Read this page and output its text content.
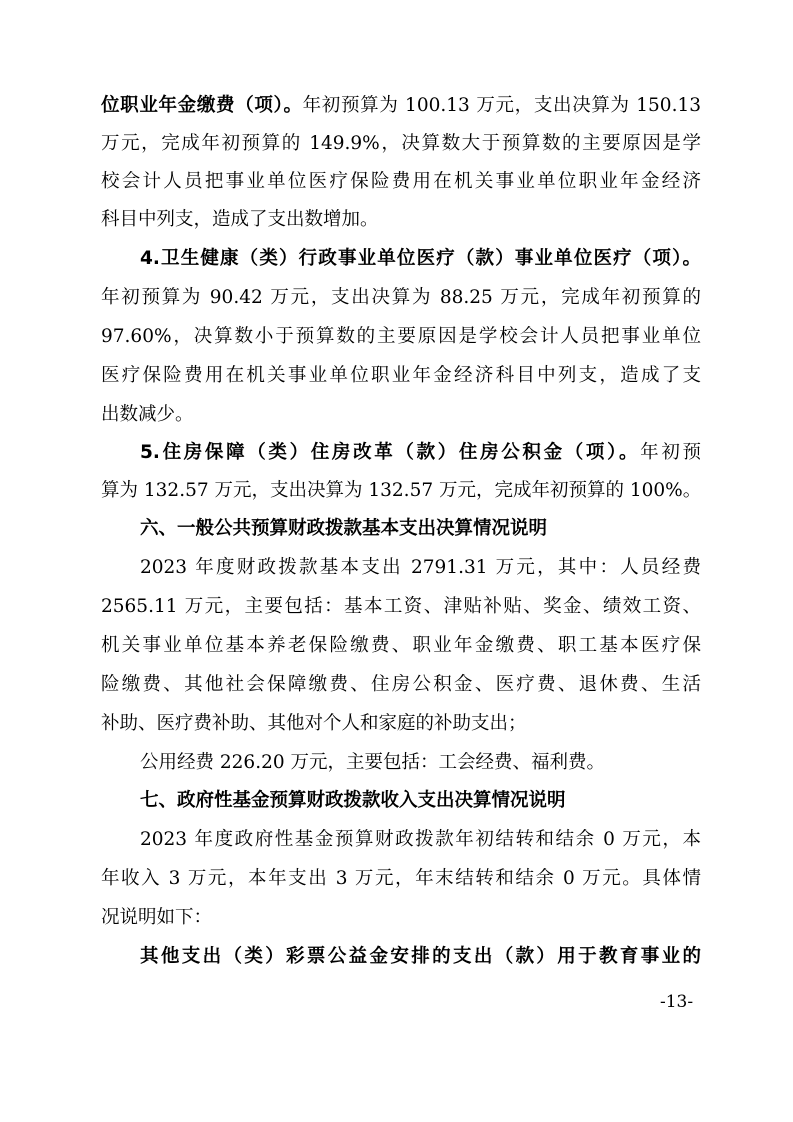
位职业年金缴费（项）。年初预算为 100.13 万元，支出决算为 150.13
万元，完成年初预算的 149.9%，决算数大于预算数的主要原因是学
校会计人员把事业单位医疗保险费用在机关事业单位职业年金经济
科目中列支，造成了支出数增加。
4.卫生健康（类）行政事业单位医疗（款）事业单位医疗（项）。
年初预算为 90.42 万元，支出决算为 88.25 万元，完成年初预算的
97.60%，决算数小于预算数的主要原因是学校会计人员把事业单位
医疗保险费用在机关事业单位职业年金经济科目中列支，造成了支
出数减少。
5.住房保障（类）住房改革（款）住房公积金（项）。年初预
算为 132.57 万元，支出决算为 132.57 万元，完成年初预算的 100%。
六、一般公共预算财政拨款基本支出决算情况说明
2023 年度财政拨款基本支出 2791.31 万元，其中：人员经费
2565.11 万元，主要包括：基本工资、津贴补贴、奖金、绩效工资、
机关事业单位基本养老保险缴费、职业年金缴费、职工基本医疗保
险缴费、其他社会保障缴费、住房公积金、医疗费、退休费、生活
补助、医疗费补助、其他对个人和家庭的补助支出；
公用经费 226.20 万元，主要包括：工会经费、福利费。
七、政府性基金预算财政拨款收入支出决算情况说明
2023 年度政府性基金预算财政拨款年初结转和结余 0 万元，本
年收入 3 万元，本年支出 3 万元，年末结转和结余 0 万元。具体情
况说明如下：
其他支出（类）彩票公益金安排的支出（款）用于教育事业的
-13-
